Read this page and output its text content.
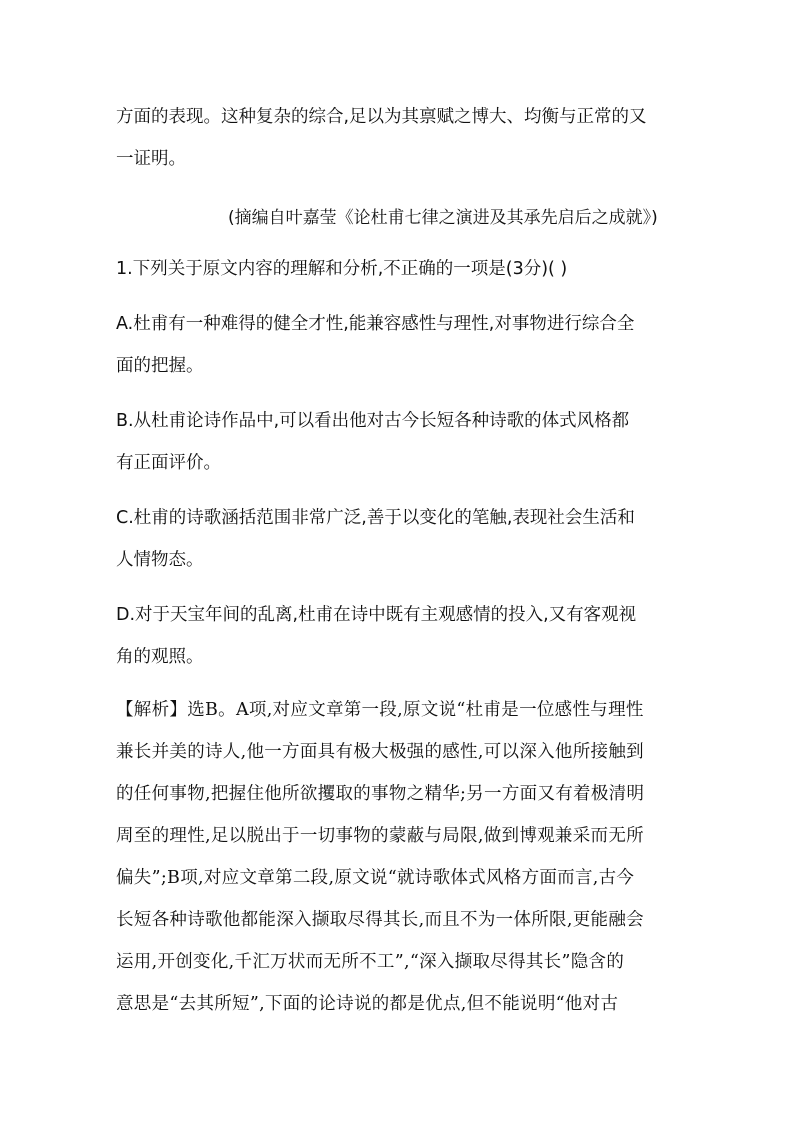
方面的表现。这种复杂的综合,足以为其禀赋之博大、均衡与正常的又
一证明。
(摘编自叶嘉莹《论杜甫七律之演进及其承先启后之成就》)
1.下列关于原文内容的理解和分析,不正确的一项是(3分)( )
A.杜甫有一种难得的健全才性,能兼容感性与理性,对事物进行综合全
面的把握。
B.从杜甫论诗作品中,可以看出他对古今长短各种诗歌的体式风格都
有正面评价。
C.杜甫的诗歌涵括范围非常广泛,善于以变化的笔触,表现社会生活和
人情物态。
D.对于天宝年间的乱离,杜甫在诗中既有主观感情的投入,又有客观视
角的观照。
【解析】选B。A项,对应文章第一段,原文说“杜甫是一位感性与理性
兼长并美的诗人,他一方面具有极大极强的感性,可以深入他所接触到
的任何事物,把握住他所欲攫取的事物之精华;另一方面又有着极清明
周至的理性,足以脱出于一切事物的蒙蔽与局限,做到博观兼采而无所
偏失”;B项,对应文章第二段,原文说“就诗歌体式风格方面而言,古今
长短各种诗歌他都能深入撷取尽得其长,而且不为一体所限,更能融会
运用,开创变化,千汇万状而无所不工”,“深入撷取尽得其长”隐含的
意思是“去其所短”,下面的论诗说的都是优点,但不能说明“他对古
